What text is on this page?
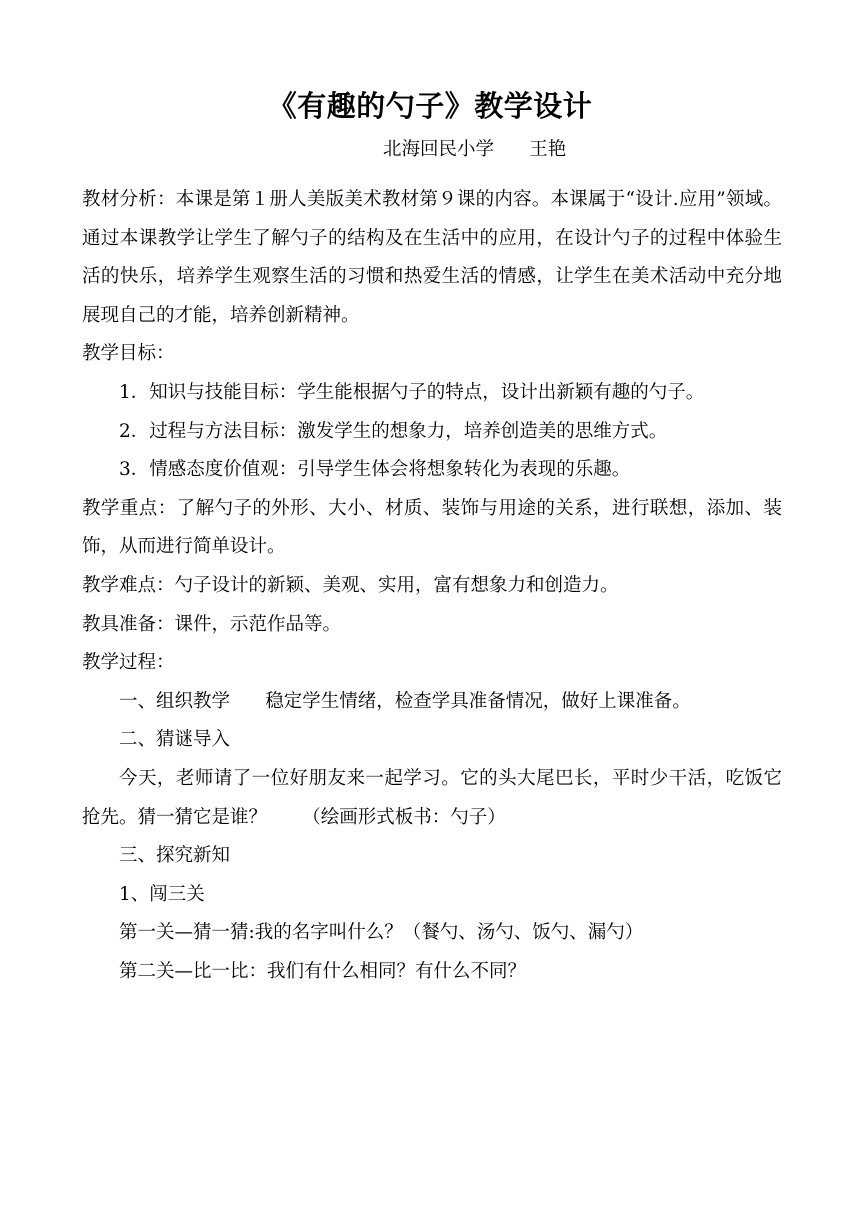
《有趣的勺子》教学设计
北海回民小学      王艳

教材分析：本课是第１册人美版美术教材第９课的内容。本课属于“设计.应用”领域。通过本课教学让学生了解勺子的结构及在生活中的应用，在设计勺子的过程中体验生活的快乐，培养学生观察生活的习惯和热爱生活的情感，让学生在美术活动中充分地展现自己的才能，培养创新精神。

教学目标：

1．知识与技能目标：学生能根据勺子的特点，设计出新颖有趣的勺子。

2．过程与方法目标：激发学生的想象力，培养创造美的思维方式。

3．情感态度价值观：引导学生体会将想象转化为表现的乐趣。

教学重点：了解勺子的外形、大小、材质、装饰与用途的关系，进行联想，添加、装饰，从而进行简单设计。

教学难点：勺子设计的新颖、美观、实用，富有想象力和创造力。

教具准备：课件，示范作品等。

教学过程：

一、组织教学      稳定学生情绪，检查学具准备情况，做好上课准备。

二、猜谜导入

今天，老师请了一位好朋友来一起学习。它的头大尾巴长，平时少干活，吃饭它抢先。猜一猜它是谁？      （绘画形式板书：勺子）

三、探究新知

1、闯三关

第一关—猜一猜:我的名字叫什么？（餐勺、汤勺、饭勺、漏勺）

第二关—比一比：我们有什么相同？有什么不同？
